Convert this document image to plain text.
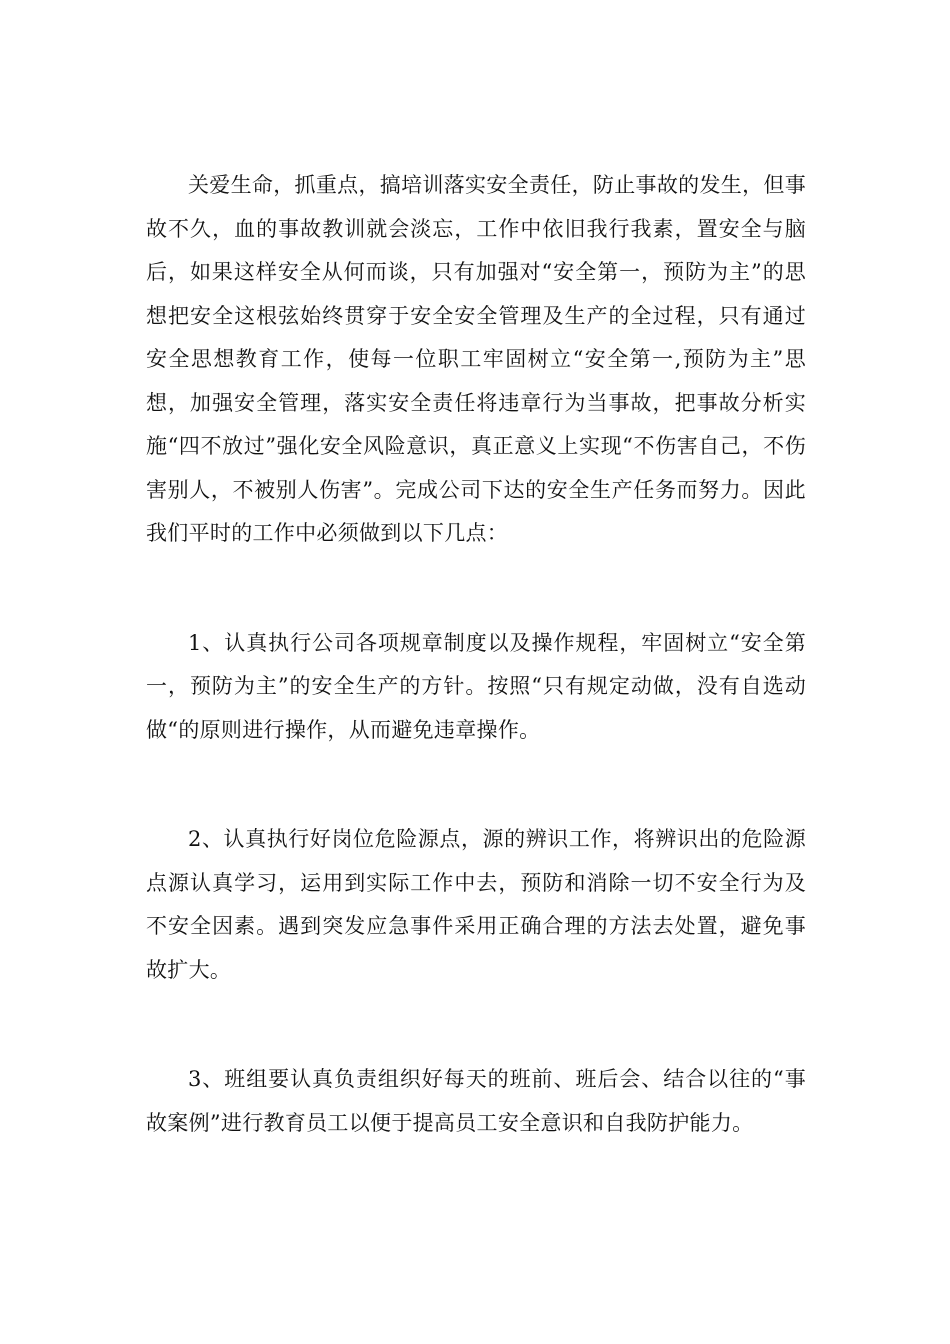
关爱生命，抓重点，搞培训落实安全责任，防止事故的发生，但事故不久，血的事故教训就会淡忘，工作中依旧我行我素，置安全与脑后，如果这样安全从何而谈，只有加强对“安全第一，预防为主”的思想把安全这根弦始终贯穿于安全安全管理及生产的全过程，只有通过安全思想教育工作，使每一位职工牢固树立“安全第一,预防为主”思想，加强安全管理，落实安全责任将违章行为当事故，把事故分析实施“四不放过”强化安全风险意识，真正意义上实现“不伤害自己，不伤害别人，不被别人伤害”。完成公司下达的安全生产任务而努力。因此我们平时的工作中必须做到以下几点：

1、认真执行公司各项规章制度以及操作规程，牢固树立“安全第一，预防为主”的安全生产的方针。按照“只有规定动做，没有自选动做“的原则进行操作，从而避免违章操作。

2、认真执行好岗位危险源点，源的辨识工作，将辨识出的危险源点源认真学习，运用到实际工作中去，预防和消除一切不安全行为及不安全因素。遇到突发应急事件采用正确合理的方法去处置，避免事故扩大。

3、班组要认真负责组织好每天的班前、班后会、结合以往的“事故案例”进行教育员工以便于提高员工安全意识和自我防护能力。
